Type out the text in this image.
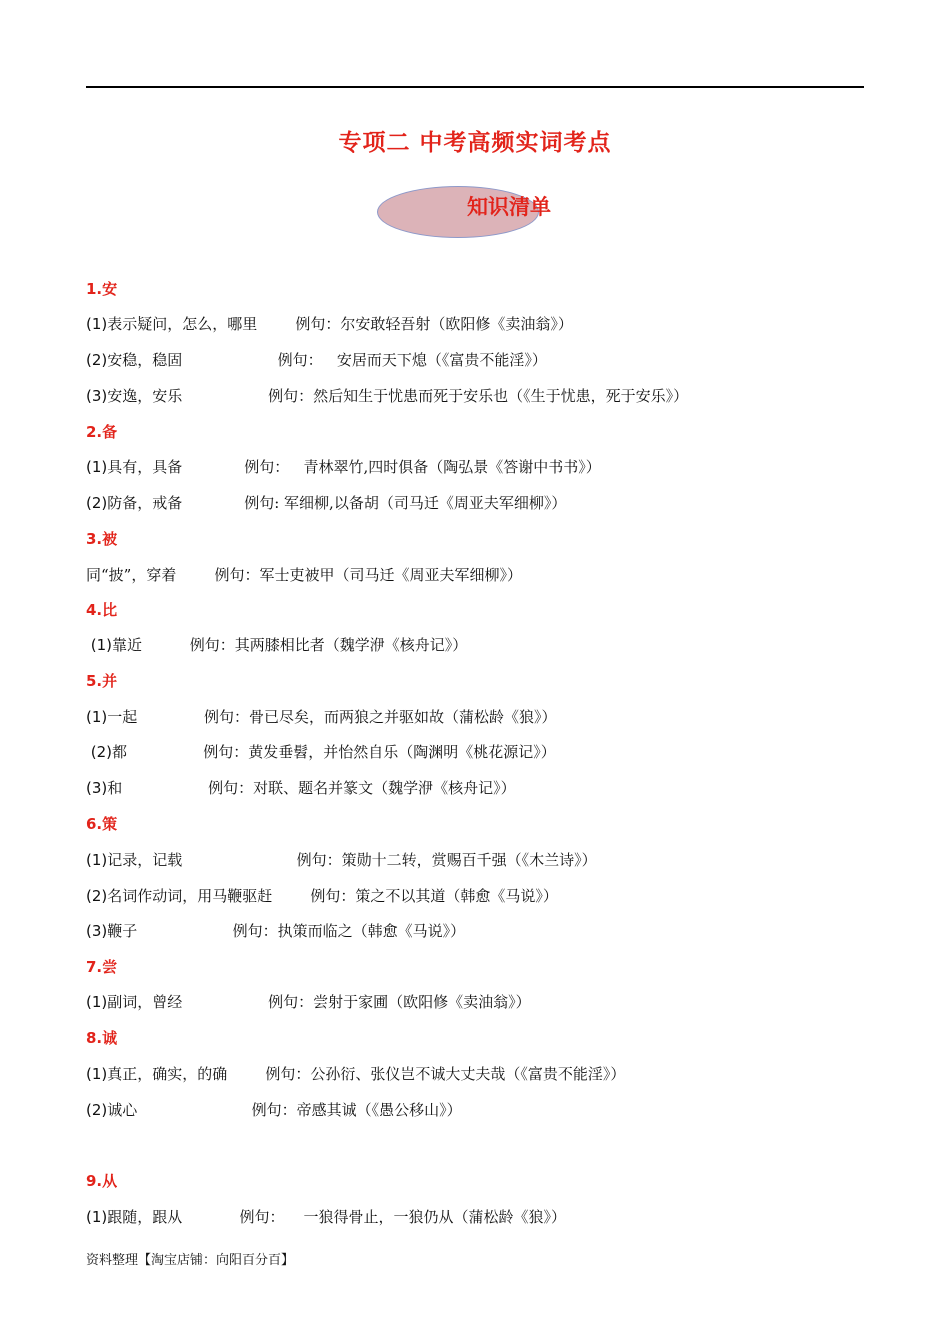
专项二 中考高频实词考点
知识清单
1.安
(1)表示疑问，怎么，哪里        例句：尔安敢轻吾射（欧阳修《卖油翁》）
(2)安稳，稳固                    例句：   安居而天下熄（《富贵不能淫》）
(3)安逸，安乐                  例句：然后知生于忧患而死于安乐也（《生于忧患，死于安乐》）
2.备
(1)具有，具备             例句：   青林翠竹,四时俱备（陶弘景《答谢中书书》）
(2)防备，戒备             例句: 军细柳,以备胡（司马迁《周亚夫军细柳》）
3.被
同“披”，穿着        例句：军士吏被甲（司马迁《周亚夫军细柳》）
4.比
(1)靠近          例句：其两膝相比者（魏学洢《核舟记》）
5.并
(1)一起              例句：骨已尽矣，而两狼之并驱如故（蒲松龄《狼》）
(2)都                例句：黄发垂髫，并怡然自乐（陶渊明《桃花源记》）
(3)和                  例句：对联、题名并篆文（魏学洢《核舟记》）
6.策
(1)记录，记载                        例句：策勋十二转，赏赐百千强（《木兰诗》）
(2)名词作动词，用马鞭驱赶        例句：策之不以其道（韩愈《马说》）
(3)鞭子                    例句：执策而临之（韩愈《马说》）
7.尝
(1)副词，曾经                  例句：尝射于家圃（欧阳修《卖油翁》）
8.诚
(1)真正，确实，的确        例句：公孙衍、张仪岂不诚大丈夫哉（《富贵不能淫》）
(2)诚心                        例句：帝感其诚（《愚公移山》）
9.从
(1)跟随，跟从            例句：    一狼得骨止，一狼仍从（蒲松龄《狼》）
资料整理【淘宝店铺：向阳百分百】
